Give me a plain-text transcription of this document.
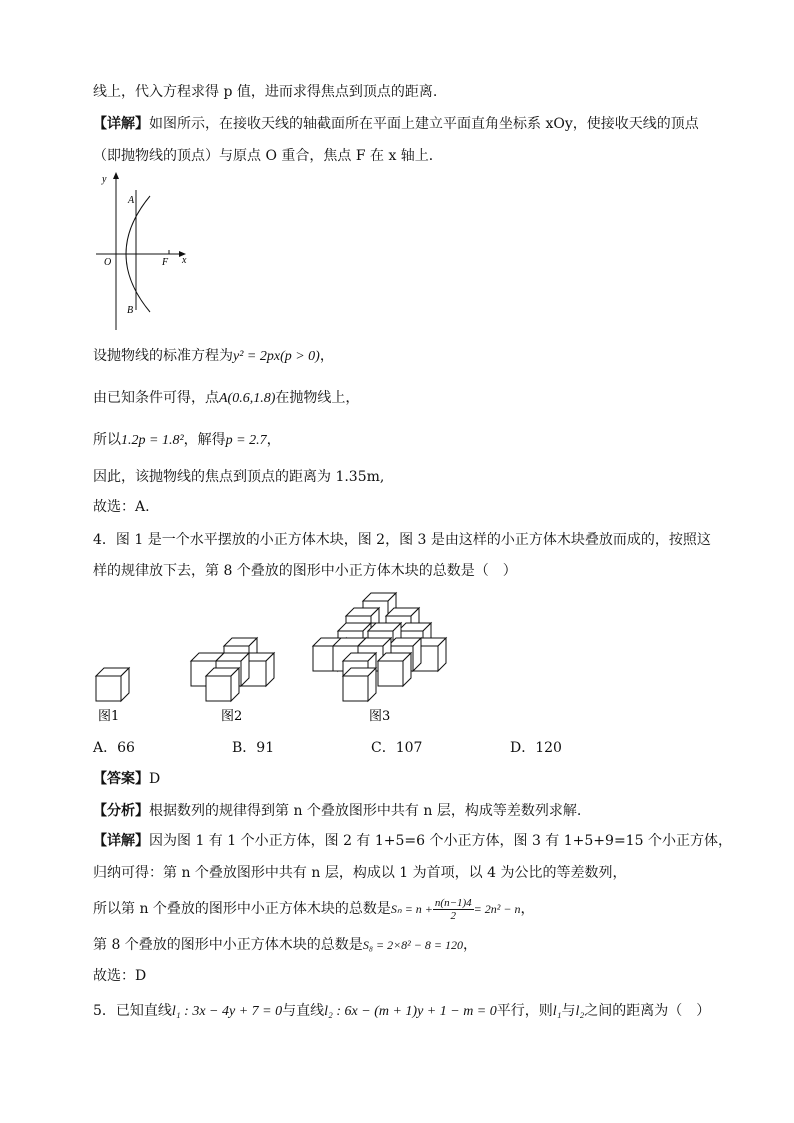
线上，代入方程求得 p 值，进而求得焦点到顶点的距离.
【详解】如图所示，在接收天线的轴截面所在平面上建立平面直角坐标系 xOy，使接收天线的顶点
（即抛物线的顶点）与原点 O 重合，焦点 F 在 x 轴上．
y
x
O	F
A
B
设抛物线的标准方程为y² = 2px(p > 0)，
由已知条件可得，点A(0.6,1.8)在抛物线上，
所以1.2p = 1.8²，解得p = 2.7，
因此，该抛物线的焦点到顶点的距离为 1.35m,
故选：A.
4．图 1 是一个水平摆放的小正方体木块，图 2，图 3 是由这样的小正方体木块叠放而成的，按照这
样的规律放下去，第 8 个叠放的图形中小正方体木块的总数是（　）
图1	图2	图3
A．66	B．91	C．107	D．120
【答案】D
【分析】根据数列的规律得到第 n 个叠放图形中共有 n 层，构成等差数列求解.
【详解】因为图 1 有 1 个小正方体，图 2 有 1+5=6 个小正方体，图 3 有 1+5+9=15 个小正方体，
归纳可得：第 n 个叠放图形中共有 n 层，构成以 1 为首项，以 4 为公比的等差数列，
所以第 n 个叠放的图形中小正方体木块的总数是$S_n = n + \frac{n(n-1)4}{2} = 2n^2 - n$，
第 8 个叠放的图形中小正方体木块的总数是S₈ = 2×8² − 8 = 120，
故选：D
5．已知直线l₁ : 3x − 4y + 7 = 0与直线l₂ : 6x − (m + 1)y + 1 − m = 0平行，则l₁与l₂之间的距离为（　）
